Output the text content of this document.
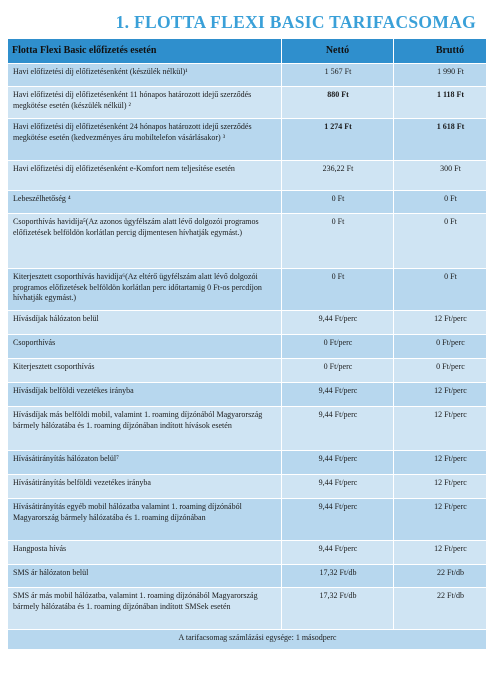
1. FLOTTA FLEXI BASIC TARIFACSOMAG
Flotta Flexi Basic előfizetés esetén	Nettó	Bruttó
Havi előfizetési díj előfizetésenként (készülék nélkül)¹	1 567 Ft	1 990 Ft
Havi előfizetési díj előfizetésenként 11 hónapos határozott idejű szerződés megkötése esetén (készülék nélkül) ²	880 Ft	1 118 Ft
Havi előfizetési díj előfizetésenként 24 hónapos határozott idejű szerződés megkötése esetén (kedvezményes áru mobiltelefon vásárlásakor) ³	1 274 Ft	1 618 Ft
Havi előfizetési díj előfizetésenként e-Komfort nem teljesítése esetén	236,22 Ft	300 Ft
Lebeszélhetőség ⁴	0 Ft	0 Ft
Csoporthívás havidíja⁵(Az azonos ügyfélszám alatt lévő dolgozói programos előfizetések belföldön korlátlan percig díjmentesen hívhatják egymást.)	0 Ft	0 Ft
Kiterjesztett csoporthívás havidíja⁶(Az eltérő ügyfélszám alatt lévő dolgozói programos előfizetések belföldön korlátlan perc időtartamig 0 Ft-os percdíjon hívhatják egymást.)	0 Ft	0 Ft
Hívásdíjak hálózaton belül	9,44 Ft/perc	12 Ft/perc
Csoporthívás	0 Ft/perc	0 Ft/perc
Kiterjesztett csoporthívás	0 Ft/perc	0 Ft/perc
Hívásdíjak belföldi vezetékes irányba	9,44 Ft/perc	12 Ft/perc
Hívásdíjak más belföldi mobil, valamint 1. roaming díjzónából Magyarország bármely hálózatába és 1. roaming díjzónában indított hívások esetén	9,44 Ft/perc	12 Ft/perc
Hívásátirányítás hálózaton belül⁷	9,44 Ft/perc	12 Ft/perc
Hívásátirányítás belföldi vezetékes irányba	9,44 Ft/perc	12 Ft/perc
Hívásátirányítás egyéb mobil hálózatba valamint 1. roaming díjzónából Magyarország bármely hálózatába és 1. roaming díjzónában	9,44 Ft/perc	12 Ft/perc
Hangposta hívás	9,44 Ft/perc	12 Ft/perc
SMS ár hálózaton belül	17,32 Ft/db	22 Ft/db
SMS ár más mobil hálózatba, valamint 1. roaming díjzónából Magyarország bármely hálózatába és 1. roaming díjzónában indított SMSek esetén	17,32 Ft/db	22 Ft/db
A tarifacsomag számlázási egysége: 1 másodperc		
